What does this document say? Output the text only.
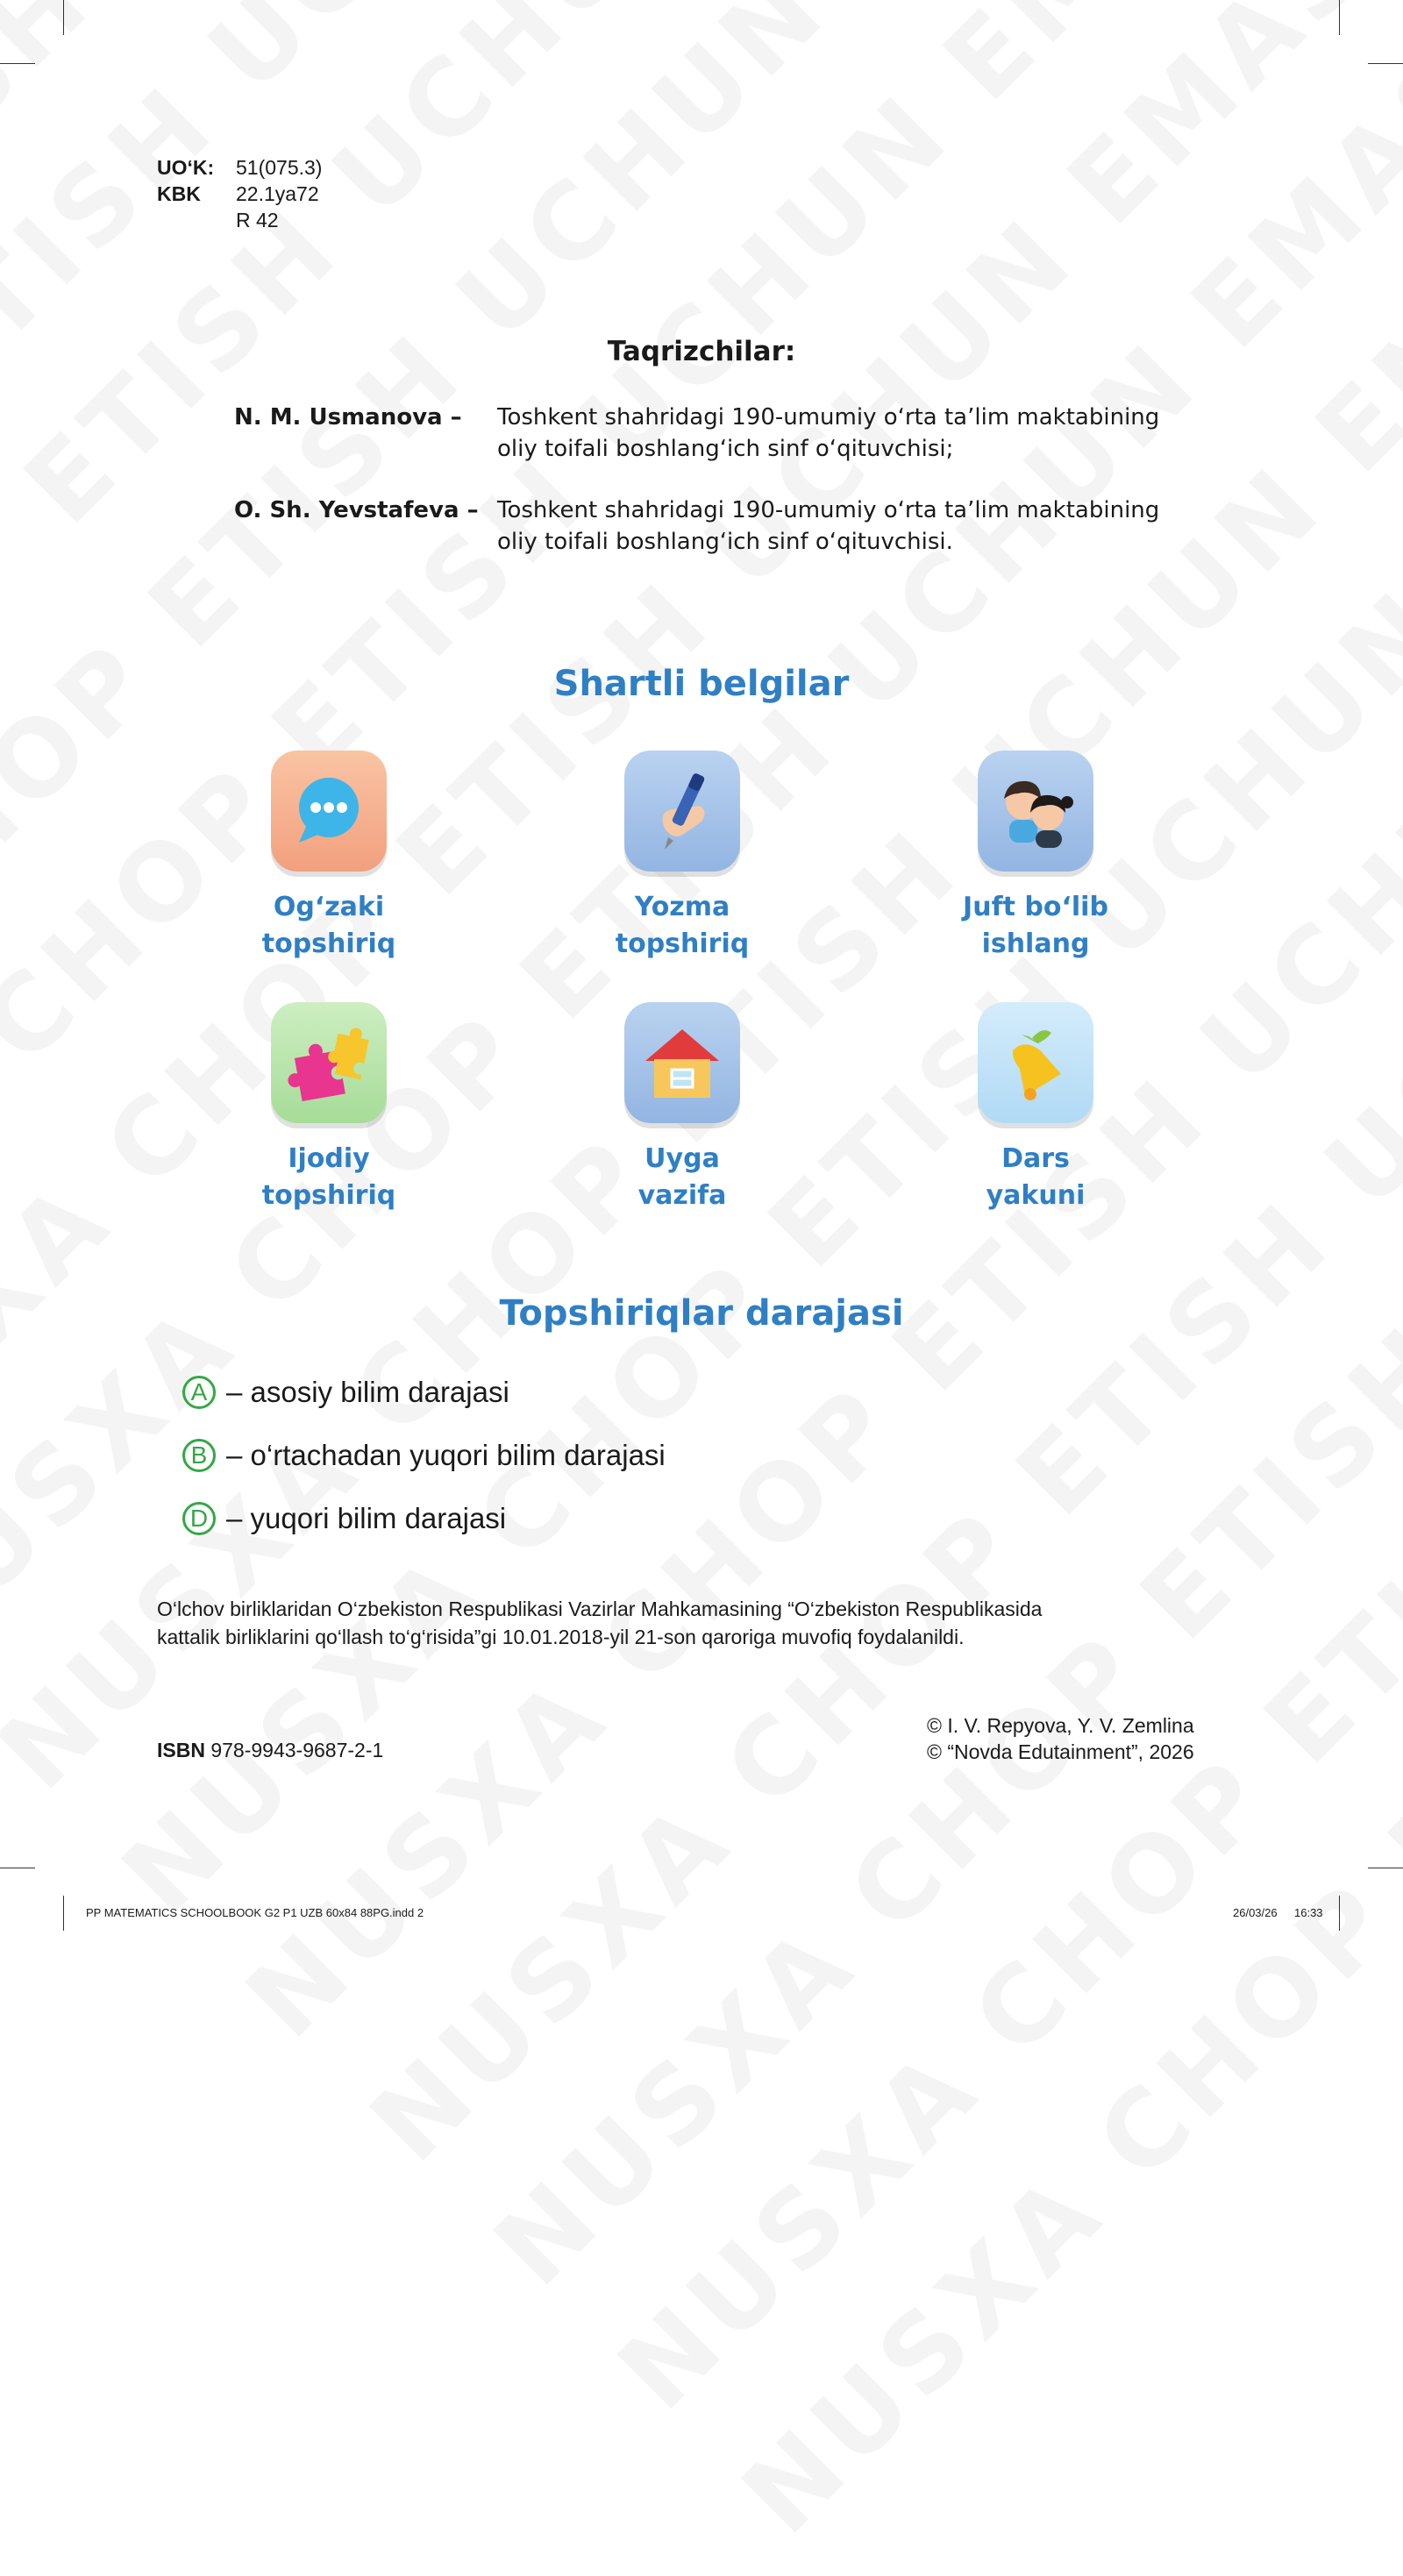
UO‘K:	51(075.3)
KBK	22.1ya72
R 42
Taqrizchilar:
N. M. Usmanova –	Toshkent shahridagi 190-umumiy o‘rta ta’lim maktabining
oliy toifali boshlang‘ich sinf o‘qituvchisi;
O. Sh. Yevstafeva – Toshkent shahridagi 190-umumiy o‘rta ta’lim maktabining
oliy toifali boshlang‘ich sinf o‘qituvchisi.
Shartli belgilar
Og‘zaki
topshiriq
Yozma
topshiriq
Juft bo‘lib
ishlang
Ijodiy
topshiriq
Uyga
vazifa
Dars
yakuni
Topshiriqlar darajasi
A – asosiy bilim darajasi
B – o‘rtachadan yuqori bilim darajasi
D – yuqori bilim darajasi
O‘lchov birliklaridan O‘zbekiston Respublikasi Vazirlar Mahkamasining “O‘zbekiston Respublikasida
kattalik birliklarini qo‘llash to‘g‘risida”gi 10.01.2018-yil 21-son qaroriga muvofiq foydalanildi.
ISBN 978-9943-9687-2-1
© I. V. Repyova, Y. V. Zemlina
© “Novda Edutainment”, 2026
PP MATEMATICS SCHOOLBOOK G2 P1 UZB 60x84 88PG.indd 2	26/03/26 16:33
